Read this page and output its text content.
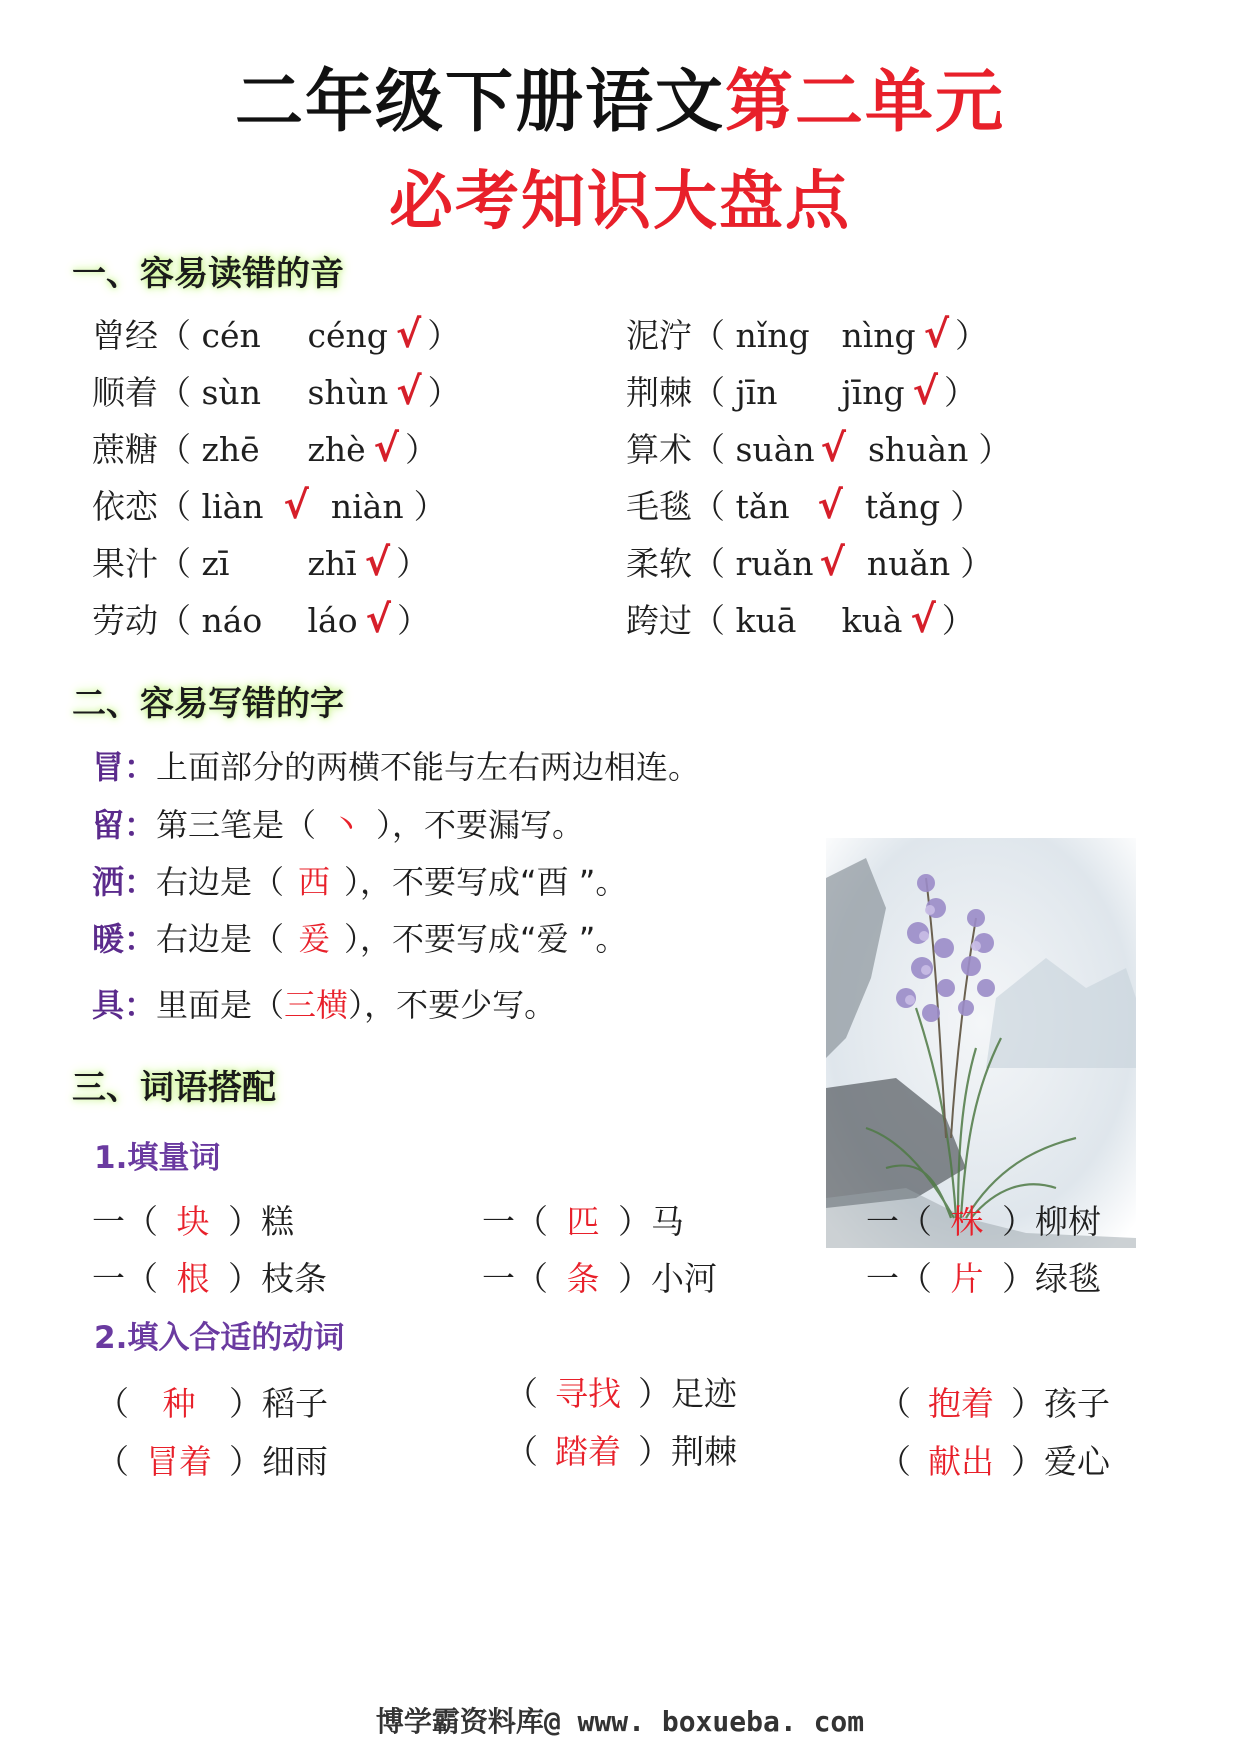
二年级下册语文第二单元
必考知识大盘点
一、容易读错的音
曾经（ cén céng √ ）
顺着（ sùn shùn √ ）
蔗糖（ zhē zhè √ ）
依恋（ liàn √ niàn ）
果汁（ zī zhī √ ）
劳动（ náo láo √ ）
泥泞（ nǐng nìng √ ）
荆棘（ jīn jīng √ ）
算术（ suàn √ shuàn ）
毛毯（ tǎn √ tǎng ）
柔软（ ruǎn √ nuǎn ）
跨过（ kuā kuà √ ）
二、容易写错的字
冒：上面部分的两横不能与左右两边相连。
留：第三笔是（ 丶 ），不要漏写。
洒：右边是（ 西 ），不要写成“酉 ”。
暖：右边是（ 爰 ），不要写成“爱 ”。
具：里面是（三横），不要少写。
三、词语搭配
1.填量词
一（ 块 ）糕	一（ 匹 ）马	一（ 株 ）柳树
一（ 根 ）枝条	一（ 条 ）小河	一（ 片 ）绿毯
2.填入合适的动词
（ 种 ）稻子	（ 寻找 ）足迹	（ 抱着 ）孩子
（ 冒着 ）细雨	（ 踏着 ）荆棘	（ 献出 ）爱心
博学霸资料库@ www. boxueba. com
